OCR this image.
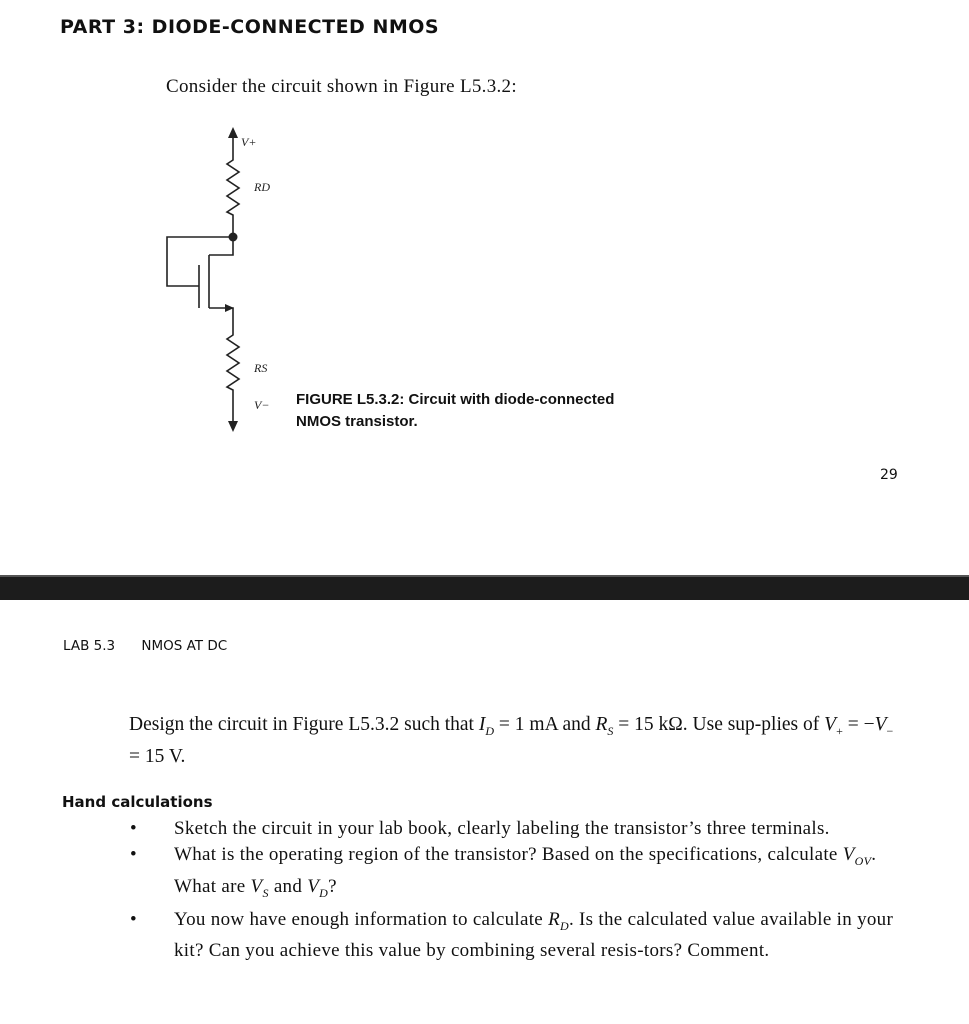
PART 3: DIODE-CONNECTED NMOS
Consider the circuit shown in Figure L5.3.2:
V+
RD
RS
V− FIGURE L5.3.2: Circuit with diode-connected
NMOS transistor.
29
LAB 5.3 NMOS AT DC
Design the circuit in Figure L5.3.2 such that $I_D = 1$ mA and $R_S = 15$ kΩ. Use sup-plies of $V_+ = -V_- = 15$ V.
Hand calculations
• Sketch the circuit in your lab book, clearly labeling the transistor’s three terminals.
• What is the operating region of the transistor? Based on the specifications, calculate $V_{OV}$. What are $V_S$ and $V_D$?
• You now have enough information to calculate $R_D$. Is the calculated value available in your kit? Can you achieve this value by combining several resis-tors? Comment.
